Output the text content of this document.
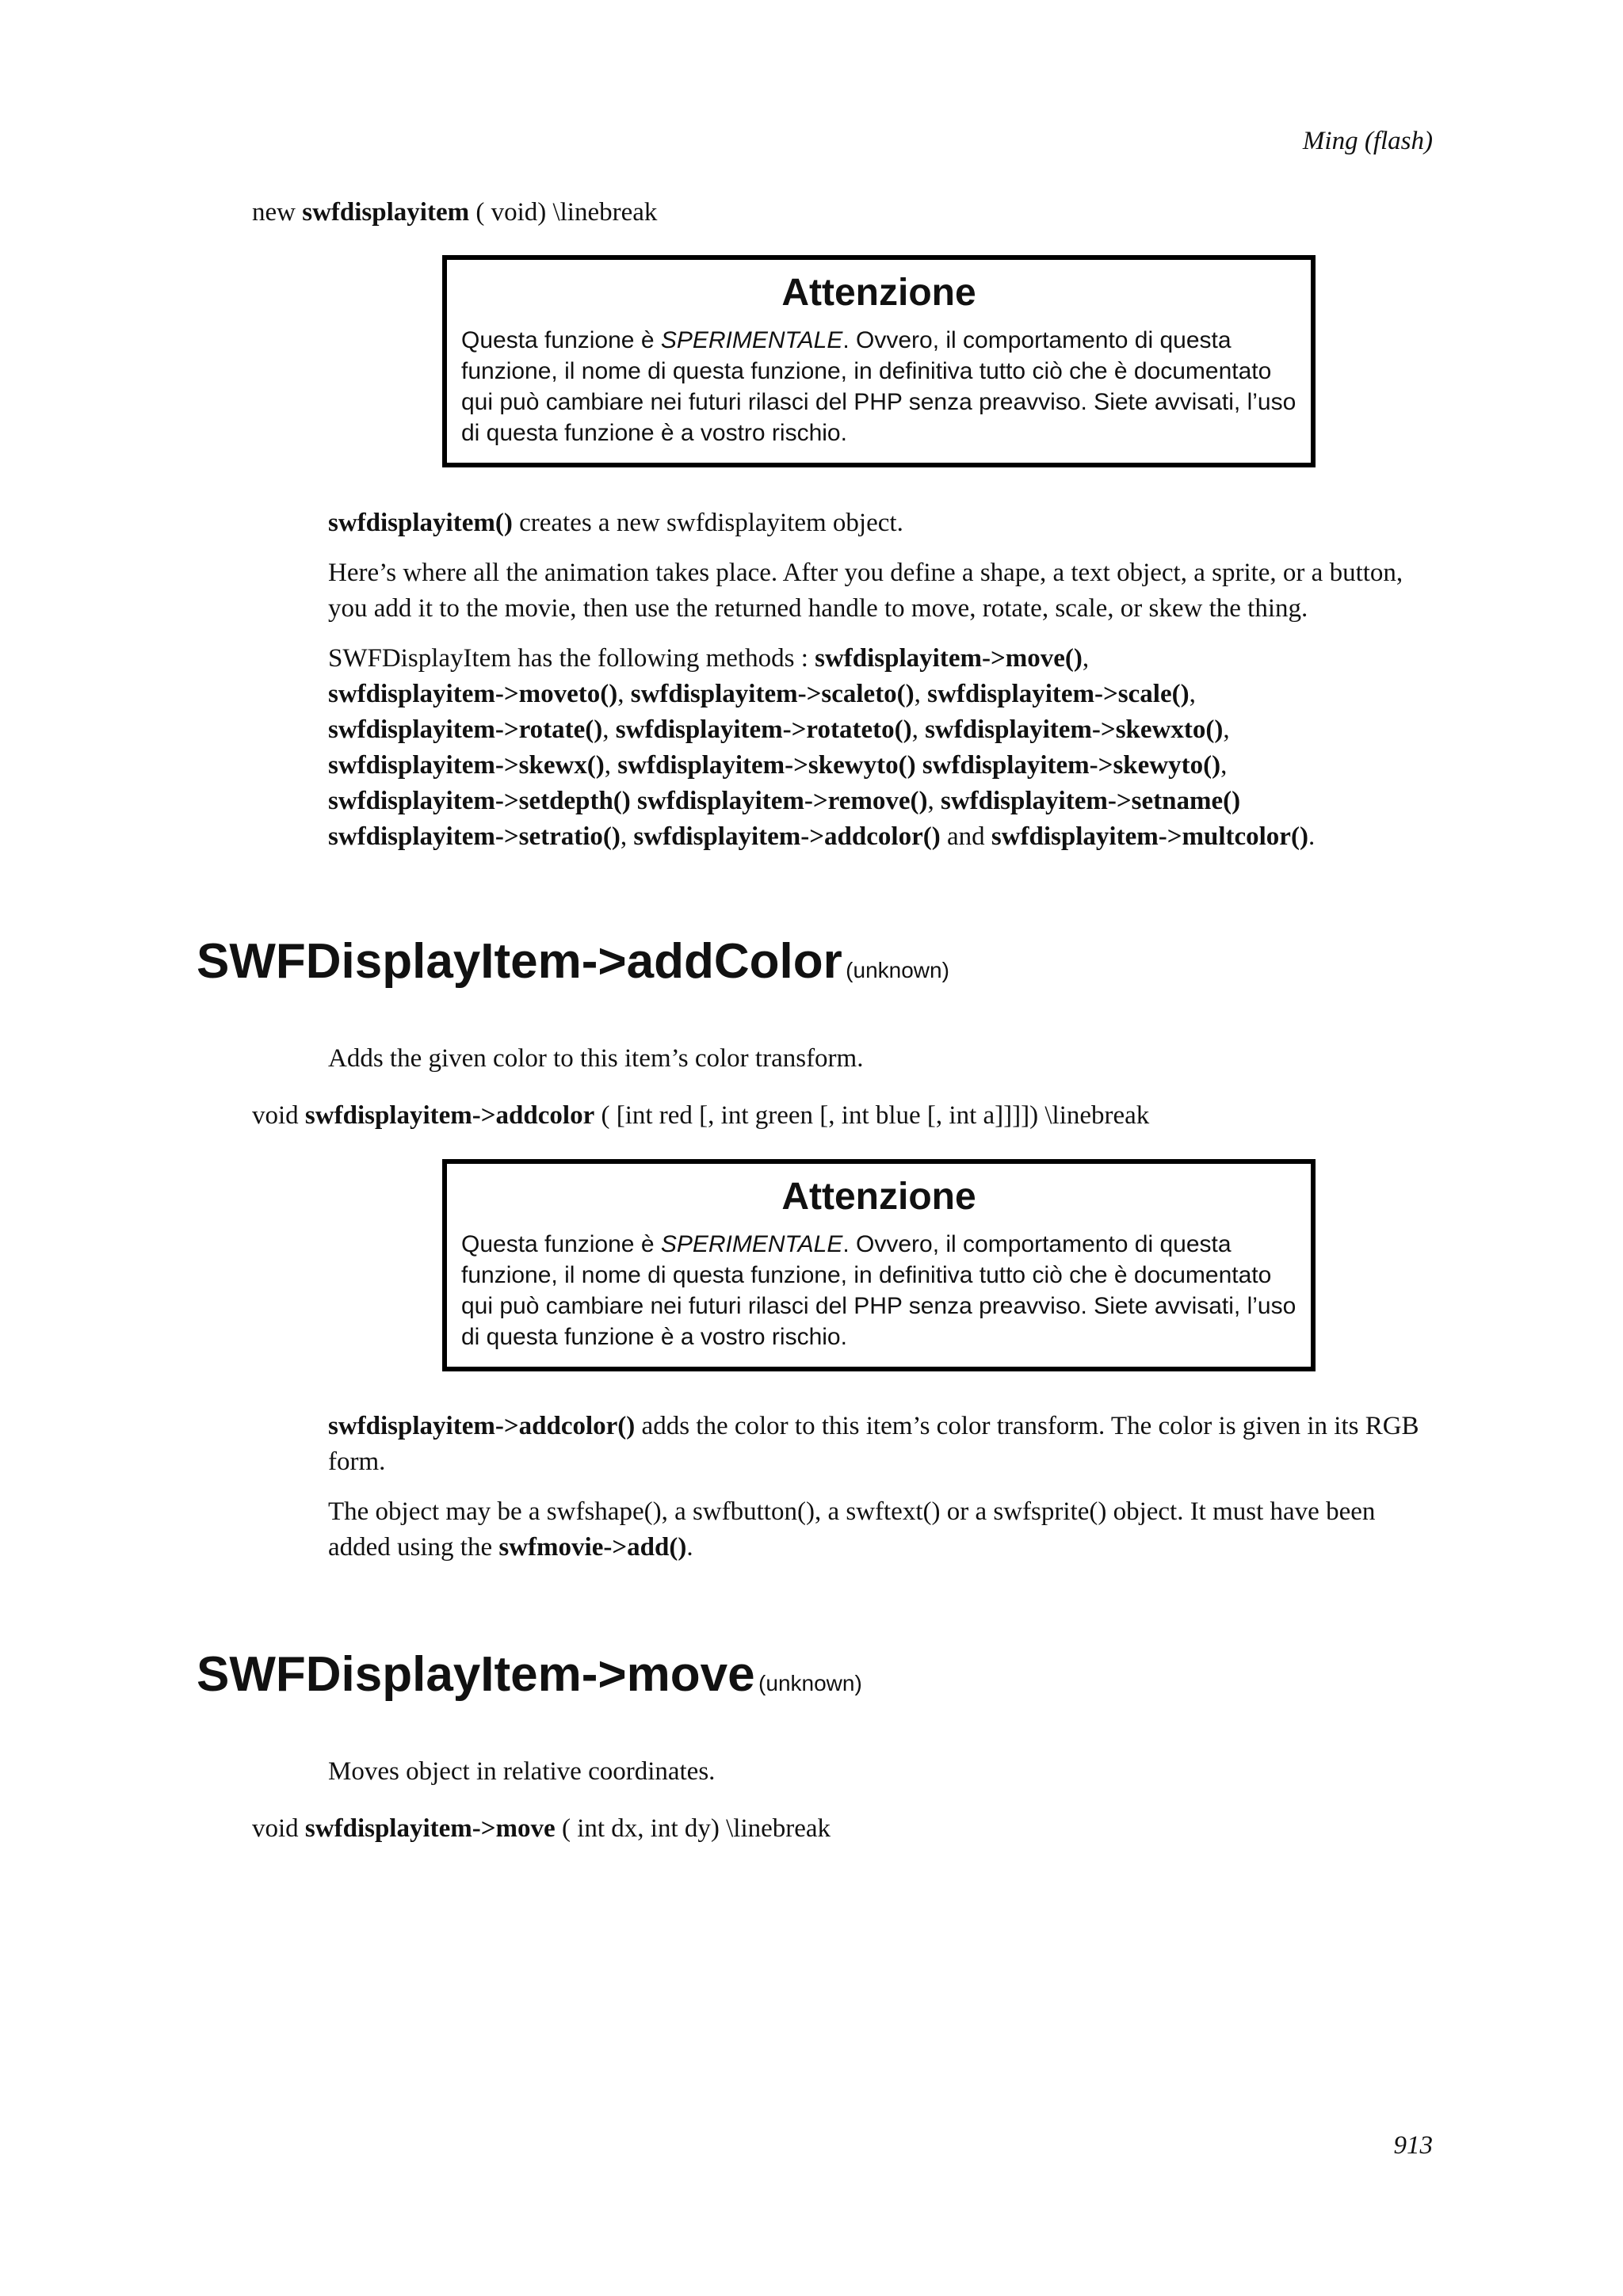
Ming (flash)
new swfdisplayitem ( void) \linebreak
Attenzione

Questa funzione è SPERIMENTALE. Ovvero, il comportamento di questa funzione, il nome di questa funzione, in definitiva tutto ciò che è documentato qui può cambiare nei futuri rilasci del PHP senza preavviso. Siete avvisati, l’uso di questa funzione è a vostro rischio.

swfdisplayitem() creates a new swfdisplayitem object.

Here’s where all the animation takes place. After you define a shape, a text object, a sprite, or a button, you add it to the movie, then use the returned handle to move, rotate, scale, or skew the thing.

SWFDisplayItem has the following methods : swfdisplayitem->move(),
swfdisplayitem->moveto(), swfdisplayitem->scaleto(), swfdisplayitem->scale(),
swfdisplayitem->rotate(), swfdisplayitem->rotateto(), swfdisplayitem->skewxto(),
swfdisplayitem->skewx(), swfdisplayitem->skewyto() swfdisplayitem->skewyto(),
swfdisplayitem->setdepth() swfdisplayitem->remove(), swfdisplayitem->setname()
swfdisplayitem->setratio(), swfdisplayitem->addcolor() and swfdisplayitem->multcolor().

SWFDisplayItem->addColor (unknown)
Adds the given color to this item’s color transform.
void swfdisplayitem->addcolor ( [int red [, int green [, int blue [, int a]]]]) \linebreak
Attenzione

Questa funzione è SPERIMENTALE. Ovvero, il comportamento di questa funzione, il nome di questa funzione, in definitiva tutto ciò che è documentato qui può cambiare nei futuri rilasci del PHP senza preavviso. Siete avvisati, l’uso di questa funzione è a vostro rischio.

swfdisplayitem->addcolor() adds the color to this item’s color transform. The color is given in its RGB form.

The object may be a swfshape(), a swfbutton(), a swftext() or a swfsprite() object. It must have been added using the swfmovie->add().

SWFDisplayItem->move (unknown)
Moves object in relative coordinates.
void swfdisplayitem->move ( int dx, int dy) \linebreak
913
